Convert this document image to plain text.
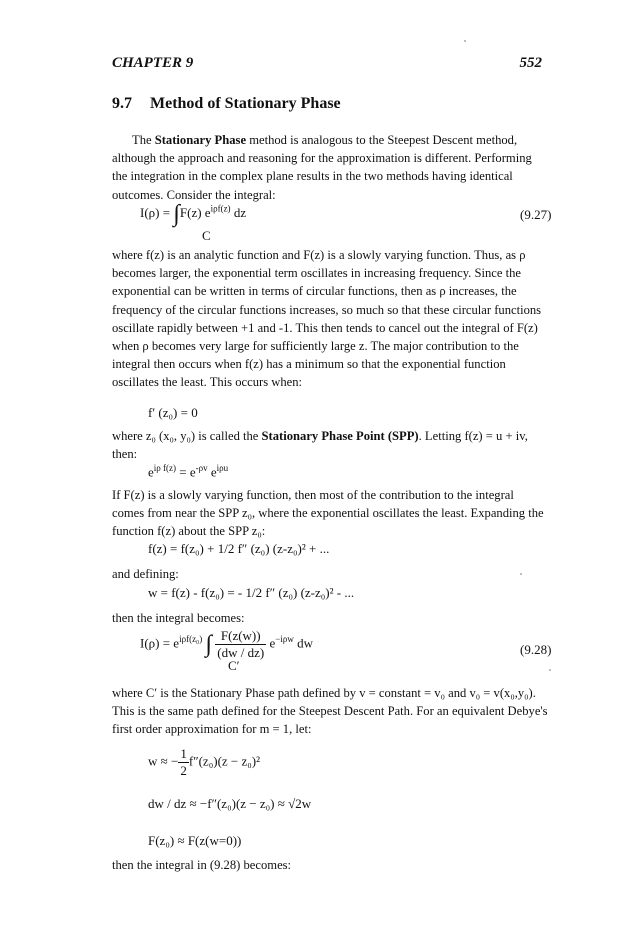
CHAPTER 9	552
9.7 Method of Stationary Phase
The Stationary Phase method is analogous to the Steepest Descent method, although the approach and reasoning for the approximation is different. Performing the integration in the complex plane results in the two methods having identical outcomes. Consider the integral:
I(ρ) = ∫F(z) $e^{i\rho f(z)}$ dz
C
(9.27)
where f(z) is an analytic function and F(z) is a slowly varying function. Thus, as ρ becomes larger, the exponential term oscillates in increasing frequency. Since the exponential can be written in terms of circular functions, then as ρ increases, the frequency of the circular functions increases, so much so that these circular functions oscillate rapidly between +1 and -1. This then tends to cancel out the integral of F(z) when ρ becomes very large for sufficiently large z. The major contribution to the integral then occurs when f(z) has a minimum so that the exponential function oscillates the least. This occurs when:
f′ (z₀) = 0
where z₀ (x₀, y₀) is called the Stationary Phase Point (SPP). Letting f(z) = u + iv, then:
$e^{i\rho f(z)} = e^{-\rho v}$ $e^{i\rho u}$
If F(z) is a slowly varying function, then most of the contribution to the integral comes from near the SPP z₀, where the exponential oscillates the least. Expanding the function f(z) about the SPP z₀:
f(z) = f(z₀) + 1/2 f″ (z₀) (z-z₀)² + ...
and defining:
w = f(z) - f(z₀) = - 1/2 f″ (z₀) (z-z₀)² - ...
then the integral becomes:
$I(\rho) = e^{i\rho f(z_0)}$ ∫ $\frac{F(z(w))}{(dw / dz)} e^{-i\rho w}$ dw
C′
(9.28)
where C′ is the Stationary Phase path defined by v = constant = v₀ and v₀ = v(x₀,y₀). This is the same path defined for the Steepest Descent Path. For an equivalent Debye's first order approximation for m = 1, let:
w ≈ − $\frac{1}{2} f''(z_0)(z - z_0)^2$
dw / dz ≈ −f″(z₀)(z − z₀) ≈ √2w
F(z₀) ≈ F(z(w=0))
then the integral in (9.28) becomes:
